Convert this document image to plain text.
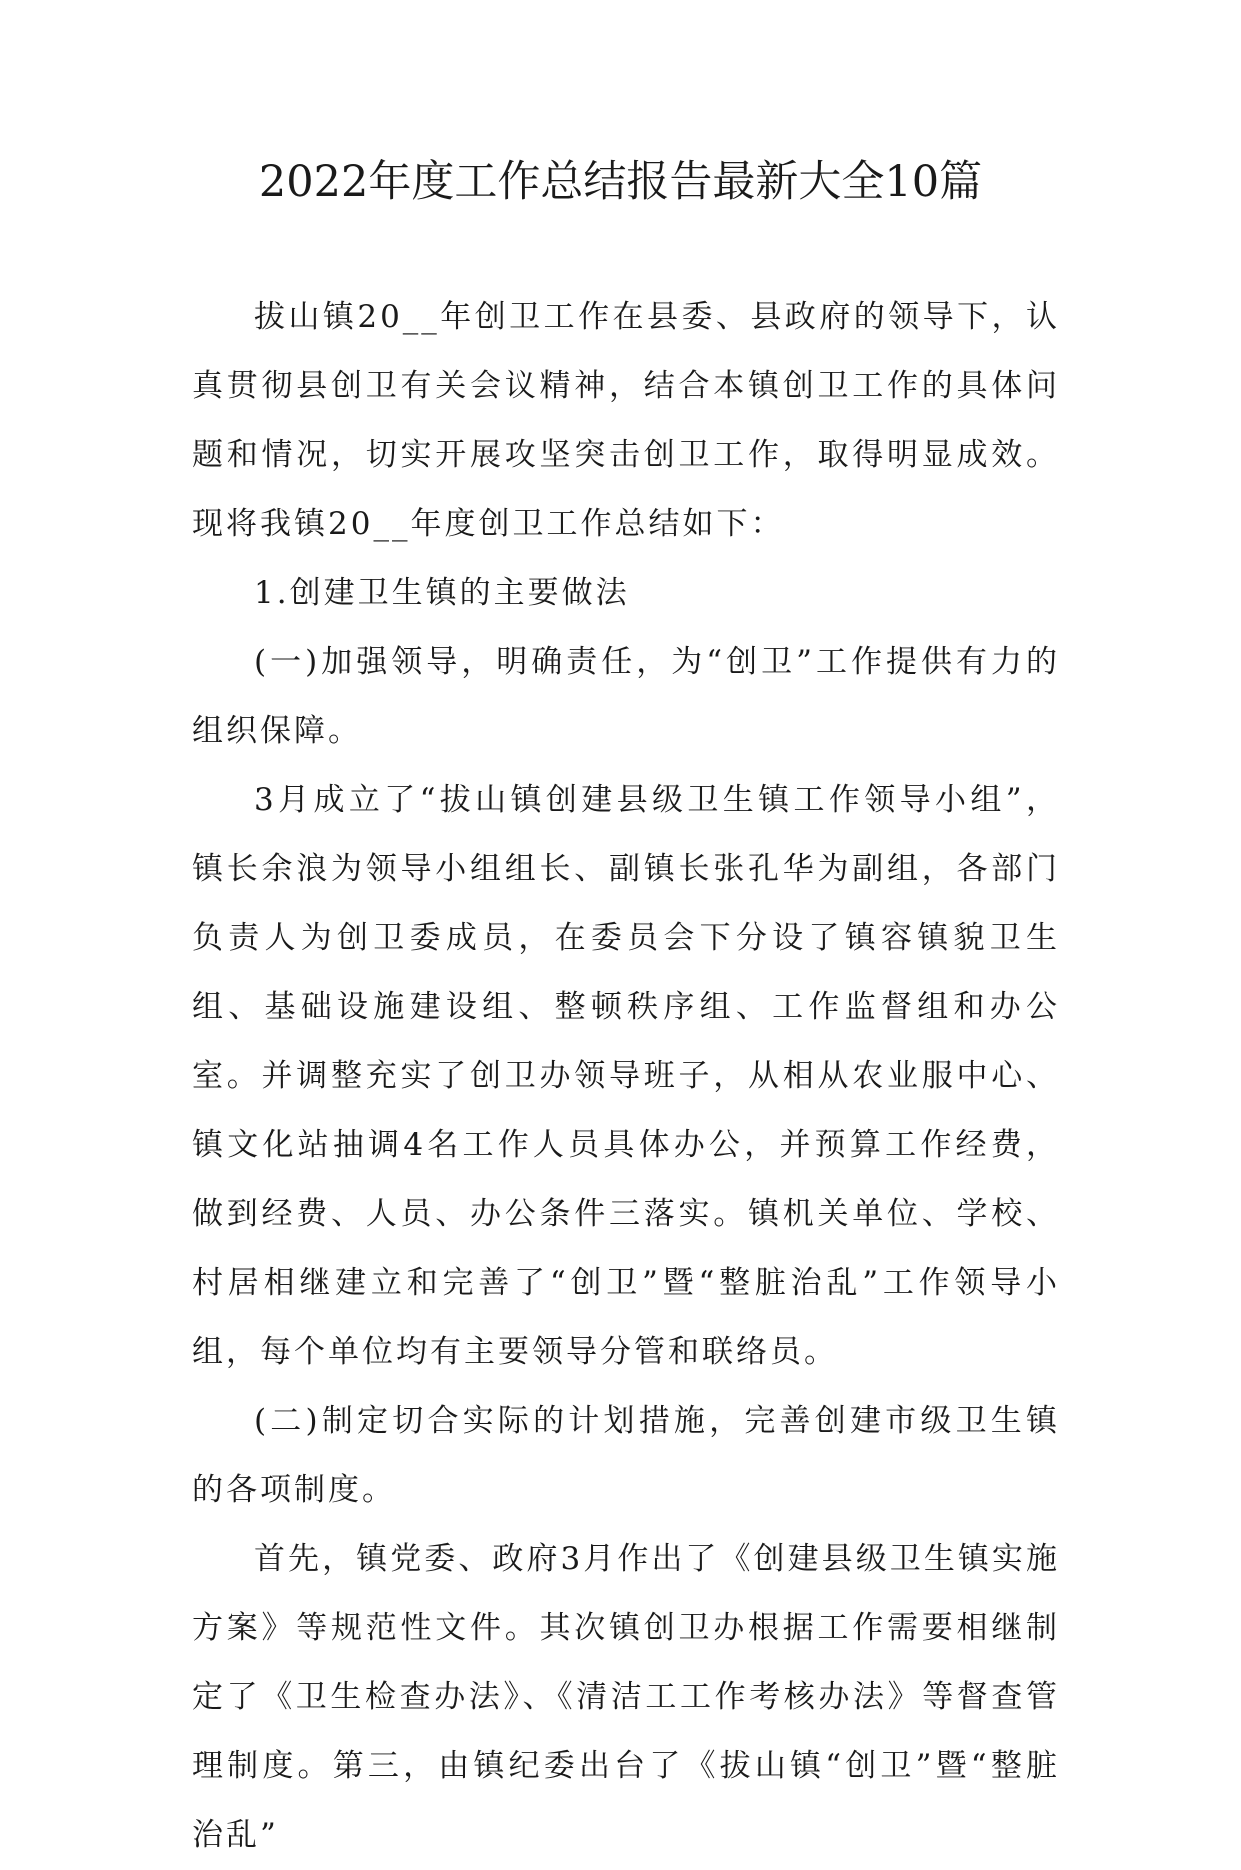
2022年度工作总结报告最新大全10篇

拔山镇20__年创卫工作在县委、县政府的领导下，认真贯彻县创卫有关会议精神，结合本镇创卫工作的具体问题和情况，切实开展攻坚突击创卫工作，取得明显成效。现将我镇20__年度创卫工作总结如下：

1.创建卫生镇的主要做法

(一)加强领导，明确责任，为“创卫”工作提供有力的组织保障。

3月成立了“拔山镇创建县级卫生镇工作领导小组”，镇长余浪为领导小组组长、副镇长张孔华为副组，各部门负责人为创卫委成员，在委员会下分设了镇容镇貌卫生组、基础设施建设组、整顿秩序组、工作监督组和办公室。并调整充实了创卫办领导班子，从相从农业服中心、镇文化站抽调4名工作人员具体办公，并预算工作经费，做到经费、人员、办公条件三落实。镇机关单位、学校、村居相继建立和完善了“创卫”暨“整脏治乱”工作领导小组，每个单位均有主要领导分管和联络员。

(二)制定切合实际的计划措施，完善创建市级卫生镇的各项制度。

首先，镇党委、政府3月作出了《创建县级卫生镇实施方案》等规范性文件。其次镇创卫办根据工作需要相继制定了《卫生检查办法》、《清洁工工作考核办法》等督查管理制度。第三，由镇纪委出台了《拔山镇“创卫”暨“整脏治乱”
